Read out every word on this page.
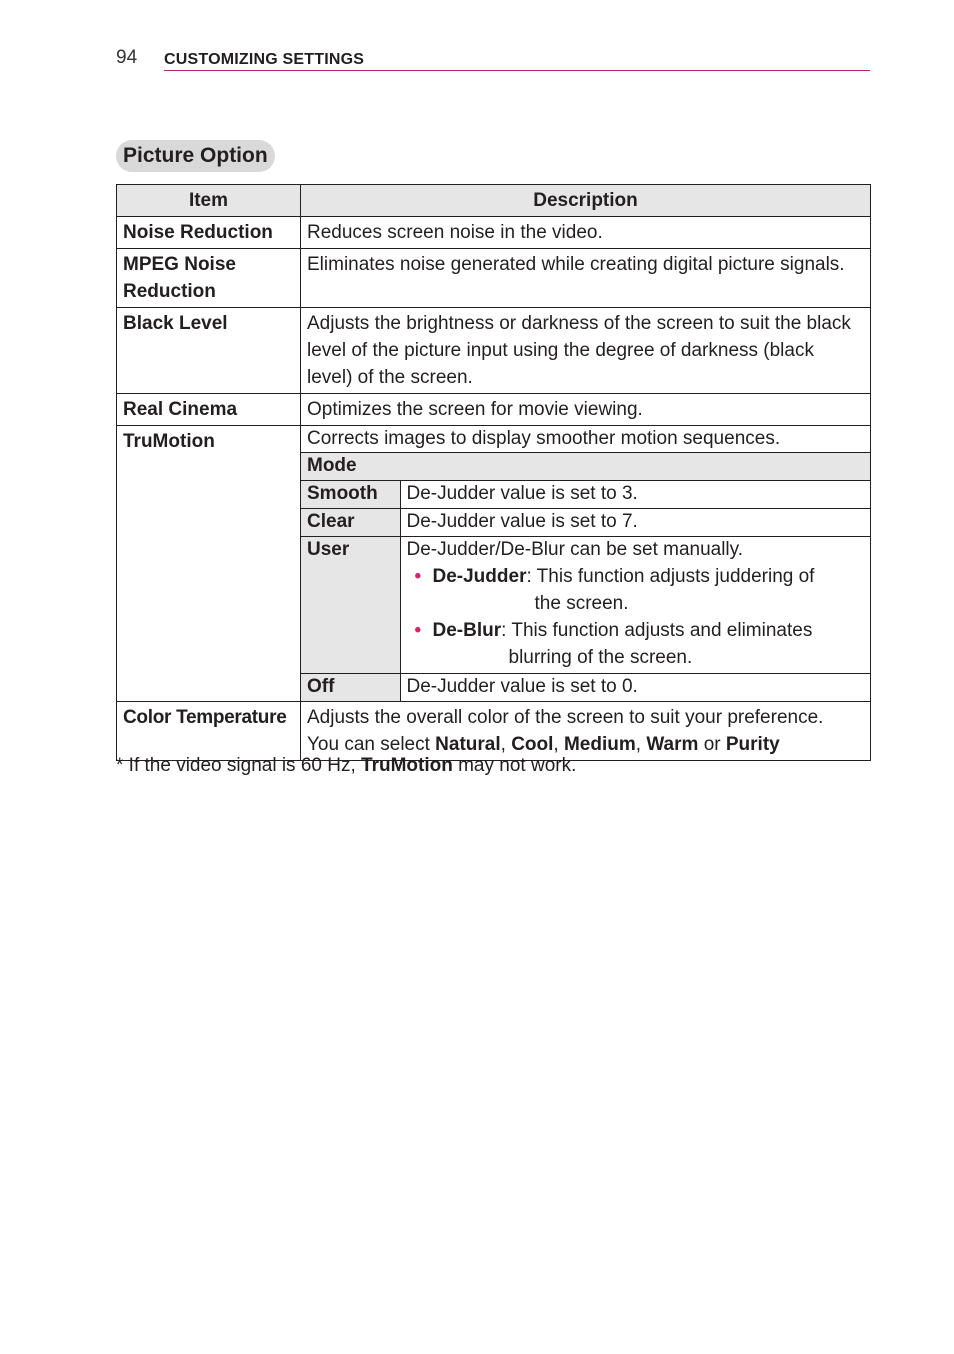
94 CUSTOMIZING SETTINGS
Picture Option
Item	Description
Noise Reduction	Reduces screen noise in the video.
MPEG Noise Reduction	Eliminates noise generated while creating digital picture signals.
Black Level	Adjusts the brightness or darkness of the screen to suit the black level of the picture input using the degree of darkness (black level) of the screen.
Real Cinema	Optimizes the screen for movie viewing.
TruMotion	Corrects images to display smoother motion sequences.
Mode
Smooth	De-Judder value is set to 3.
Clear	De-Judder value is set to 7.
User	De-Judder/De-Blur can be set manually.
• De-Judder: This function adjusts juddering of
the screen.
• De-Blur: This function adjusts and eliminates
blurring of the screen.

Off	De-Judder value is set to 0.

Color Temperature	Adjusts the overall color of the screen to suit your preference.
You can select Natural, Cool, Medium, Warm or Purity
* If the video signal is 60 Hz, TruMotion may not work.
